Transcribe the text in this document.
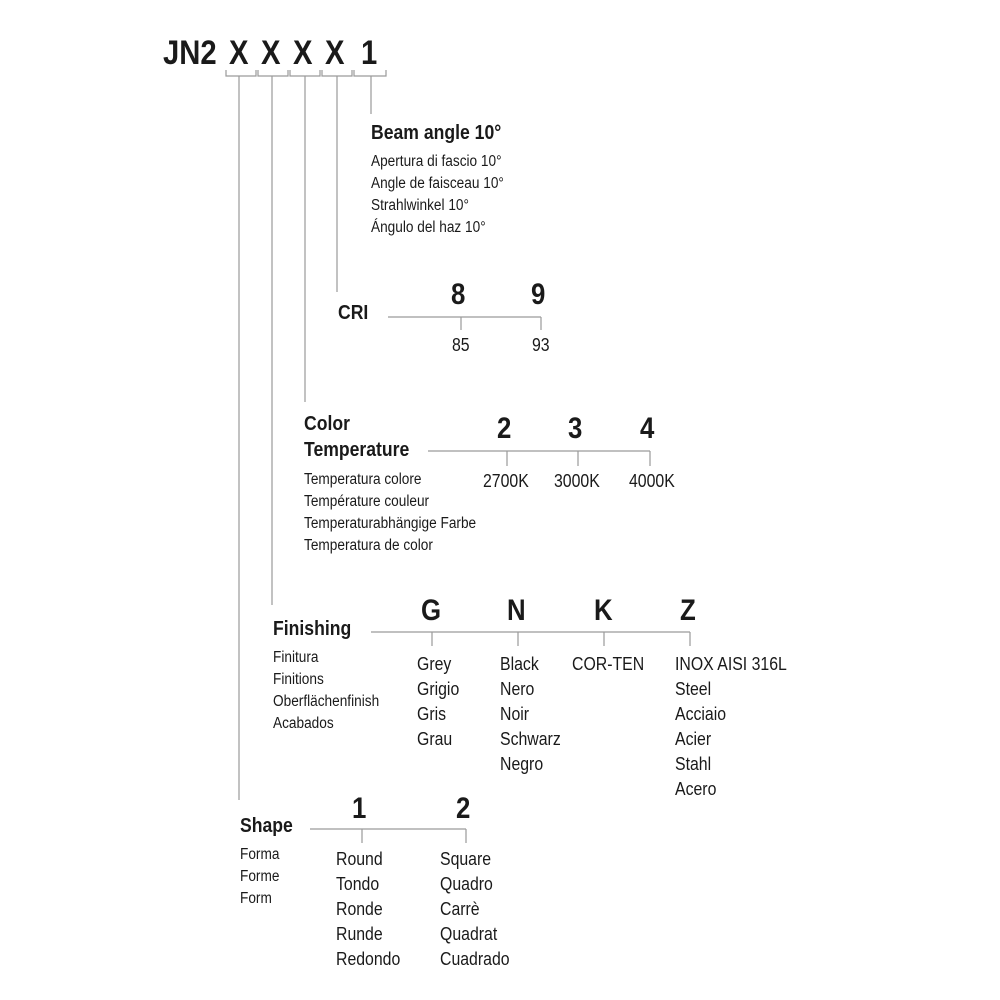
JN2 X X X X 1
Beam angle 10°
Apertura di fascio 10°
Angle de faisceau 10°
Strahlwinkel 10°
Ángulo del haz 10°
CRI
8 9
85	93
Color
Temperature
Temperatura colore
Température couleur
Temperaturabhängige Farbe
Temperatura de color
2 3 4
2700K 3000K 4000K
Finishing
Finitura
Finitions
Oberflächenfinish
Acabados
G N K Z
Grey
Grigio
Gris
Grau
Black
Nero
Noir
Schwarz
Negro
COR-TEN INOX AISI 316L
Steel
Acciaio
Acier
Stahl
Acero
Shape
Forma
Forme
Form
1	2
Round
Tondo
Ronde
Runde
Redondo
Square
Quadro
Carrè
Quadrat
Cuadrado
